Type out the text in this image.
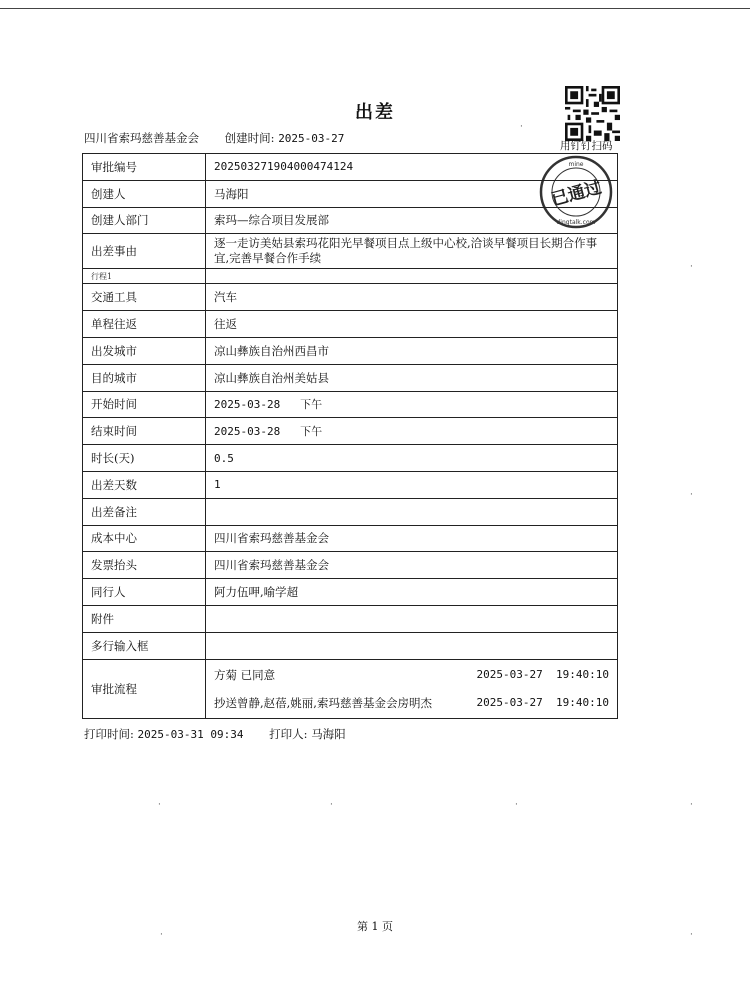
出差
四川省索玛慈善基金会 创建时间: 2025-03-27
用钉钉扫码
已通过
mine
dingtalk.com
审批编号	202503271904000474124
创建人	马海阳
创建人部门	索玛—综合项目发展部
出差事由	逐一走访美姑县索玛花阳光早餐项目点上级中心校,洽谈早餐项目长期合作事宜,完善早餐合作手续
行程1	
交通工具	汽车
单程往返	往返
出发城市	凉山彝族自治州西昌市
目的城市	凉山彝族自治州美姑县
开始时间	2025-03-28   下午
结束时间	2025-03-28   下午
时长(天)	0.5
出差天数	1
出差备注	
成本中心	四川省索玛慈善基金会
发票抬头	四川省索玛慈善基金会
同行人	阿力伍呷,喻学超
附件	
多行输入框	
审批流程	方菊 已同意 2025-03-27  19:40:10
抄送曾静,赵蓓,姚丽,索玛慈善基金会房明杰 2025-03-27  19:40:10
打印时间: 2025-03-31 09:34 打印人: 马海阳
第 1 页
·
·
·
·	·	·	·
·	·
